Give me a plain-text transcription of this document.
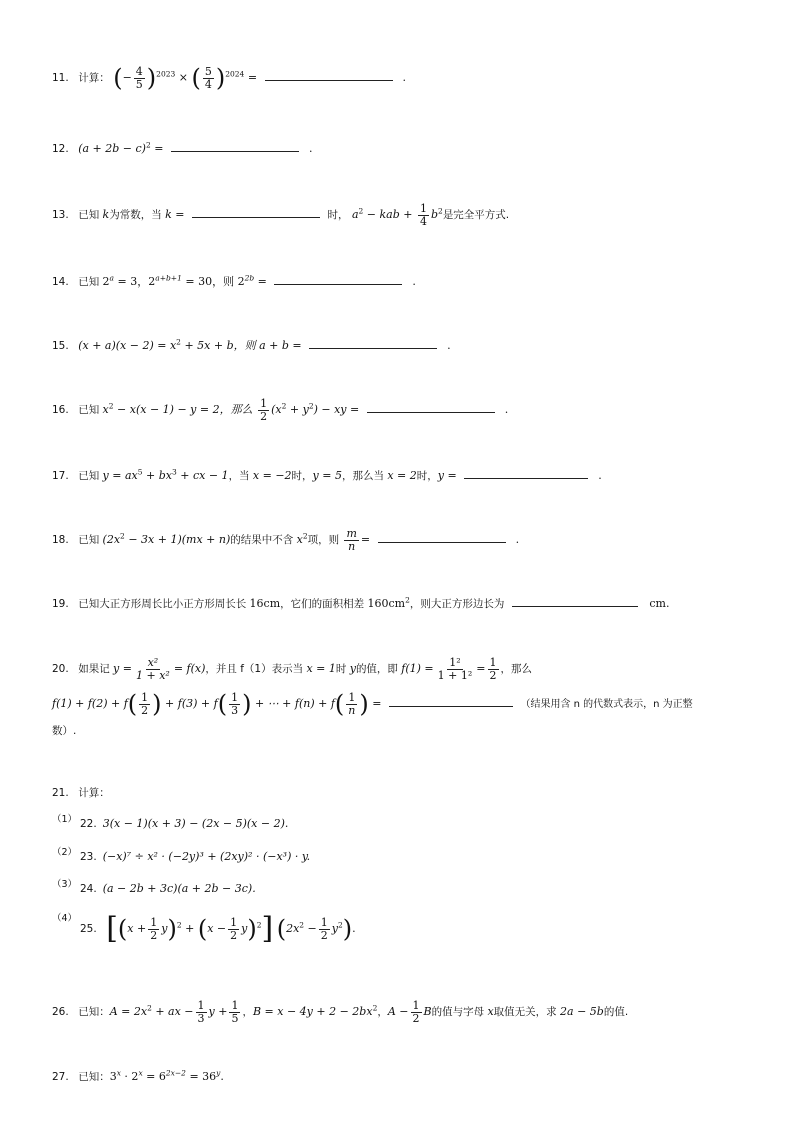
11. 计算： (− $\frac{4}{5} )^{2023}$ × ( $\frac{5}{4} )^{2024}$ =	.
12. $(a + 2b - c)^2$ =	.
13. 已知 k为常数，当 k =	时， $a^2$ − kab + $\frac{1}{4} b^2$是完全平方式.
14. 已知 $2^a = 3$，$2^{a+b+1} = 30$，则 $2^{2b}$ =	.
15. $(x + a)(x - 2) = x^2 + 5x + b$，则 a + b =	.
16. 已知 $x^2 - x(x - 1) - y = 2$，那么 $\frac{1}{2} (x^2 + y^2)$ − xy =	.
17. 已知 $y = ax^5 + bx^3$ + cx − 1，当 x = −2时，y = 5，那么当 x = 2时，y =	.
18. 已知 $(2x^2 - 3x + 1)(mx + n)$的结果中不含 $x^2$项，则 $\frac{m}{n}$ =	.
19. 已知大正方形周长比小正方形周长长 16cm，它们的面积相差 $160cm^2$，则大正方形边长为	cm.
20. 如果记 $y = \frac{\text{x²}}{\text{1 + x²}} = f(x)$，并且 f（1）表示当 x = 1时 y的值，即 $f(1) = \frac{\text{1²}}{\text{1 + 1²}} = \frac{1}{2}$ ，那么
$f(1) + f(2) + f( \frac{1}{2}$ ) + $f(3) + f( \frac{1}{3}$ ) + ⋯ + $f(n) + f( \frac{1}{n}$ ) =	（结果用含 n 的代数式表示，n 为正整
数）.
21. 计算：
（1） 22. 3(x − 1)(x + 3) − (2x − 5)(x − 2).
（2） 23. (−x)⁷ ÷ x² · (−2y)³ + (2xy)² · (−x³) · y.
（3） 24. (a − 2b + 3c)(a + 2b − 3c).
（4）25. $[(x + \frac{1}{2} y)^2 + (x - \frac{1}{2} y)^2]$ $(2x^2 - \frac{1}{2} y^2)$.
26. 已知：$A = 2x^2$ + ax − $\frac{1}{3}$ $y + \frac{1}{5}$ ，$B = x - 4y + 2 - 2bx^2$，$A - \frac{1}{2}$ B的值与字母 x取值无关，求 2a − 5b的值.
27. 已知：$3^x \cdot 2^x = 6^{2x-2} = 36^y$.
